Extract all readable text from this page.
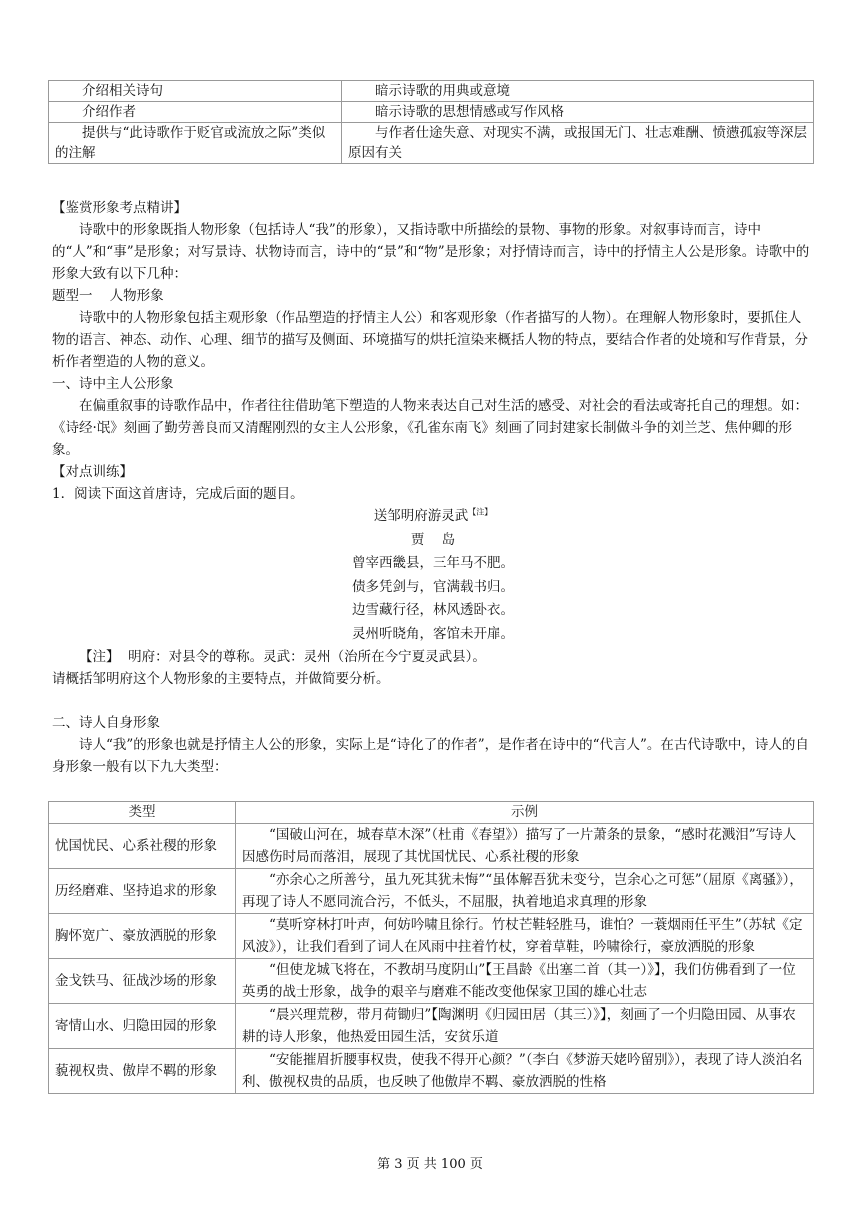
介绍相关诗句	暗示诗歌的用典或意境
介绍作者	暗示诗歌的思想情感或写作风格
提供与“此诗歌作于贬官或流放之际”类似的注解	与作者仕途失意、对现实不满，或报国无门、壮志难酬、愤懑孤寂等深层原因有关

【鉴赏形象考点精讲】

诗歌中的形象既指人物形象（包括诗人“我”的形象），又指诗歌中所描绘的景物、事物的形象。对叙事诗而言，诗中的“人”和“事”是形象；对写景诗、状物诗而言，诗中的“景”和“物”是形象；对抒情诗而言，诗中的抒情主人公是形象。诗歌中的形象大致有以下几种：

题型一    人物形象

诗歌中的人物形象包括主观形象（作品塑造的抒情主人公）和客观形象（作者描写的人物）。在理解人物形象时，要抓住人物的语言、神态、动作、心理、细节的描写及侧面、环境描写的烘托渲染来概括人物的特点，要结合作者的处境和写作背景，分析作者塑造的人物的意义。

一、诗中主人公形象

在偏重叙事的诗歌作品中，作者往往借助笔下塑造的人物来表达自己对生活的感受、对社会的看法或寄托自己的理想。如：《诗经·氓》刻画了勤劳善良而又清醒刚烈的女主人公形象，《孔雀东南飞》刻画了同封建家长制做斗争的刘兰芝、焦仲卿的形象。

【对点训练】

1．阅读下面这首唐诗，完成后面的题目。

送邹明府游灵武$^{【注】}$

贾    岛

曾宰西畿县，三年马不肥。

债多凭剑与，官满载书归。

边雪藏行径，林风透卧衣。

灵州听晓角，客馆未开扉。

【注】  明府：对县令的尊称。灵武：灵州（治所在今宁夏灵武县）。

请概括邹明府这个人物形象的主要特点，并做简要分析。

二、诗人自身形象

诗人“我”的形象也就是抒情主人公的形象，实际上是“诗化了的作者”，是作者在诗中的“代言人”。在古代诗歌中，诗人的自身形象一般有以下九大类型：

类型	示例
忧国忧民、心系社稷的形象	“国破山河在，城春草木深”（杜甫《春望》）描写了一片萧条的景象，“感时花溅泪”写诗人因感伤时局而落泪，展现了其忧国忧民、心系社稷的形象
历经磨难、坚持追求的形象	“亦余心之所善兮，虽九死其犹未悔”“虽体解吾犹未变兮，岂余心之可惩”（屈原《离骚》），再现了诗人不愿同流合污，不低头，不屈服，执着地追求真理的形象
胸怀宽广、豪放洒脱的形象	“莫听穿林打叶声，何妨吟啸且徐行。竹杖芒鞋轻胜马，谁怕？一蓑烟雨任平生”（苏轼《定风波》），让我们看到了词人在风雨中拄着竹杖，穿着草鞋，吟啸徐行，豪放洒脱的形象
金戈铁马、征战沙场的形象	“但使龙城飞将在，不教胡马度阴山”【王昌龄《出塞二首（其一）》】，我们仿佛看到了一位英勇的战士形象，战争的艰辛与磨难不能改变他保家卫国的雄心壮志
寄情山水、归隐田园的形象	“晨兴理荒秽，带月荷锄归”【陶渊明《归园田居（其三）》】，刻画了一个归隐田园、从事农耕的诗人形象，他热爱田园生活，安贫乐道
藐视权贵、傲岸不羁的形象	“安能摧眉折腰事权贵，使我不得开心颜？”（李白《梦游天姥吟留别》），表现了诗人淡泊名利、傲视权贵的品质，也反映了他傲岸不羁、豪放洒脱的性格
第 3 页 共 100 页
